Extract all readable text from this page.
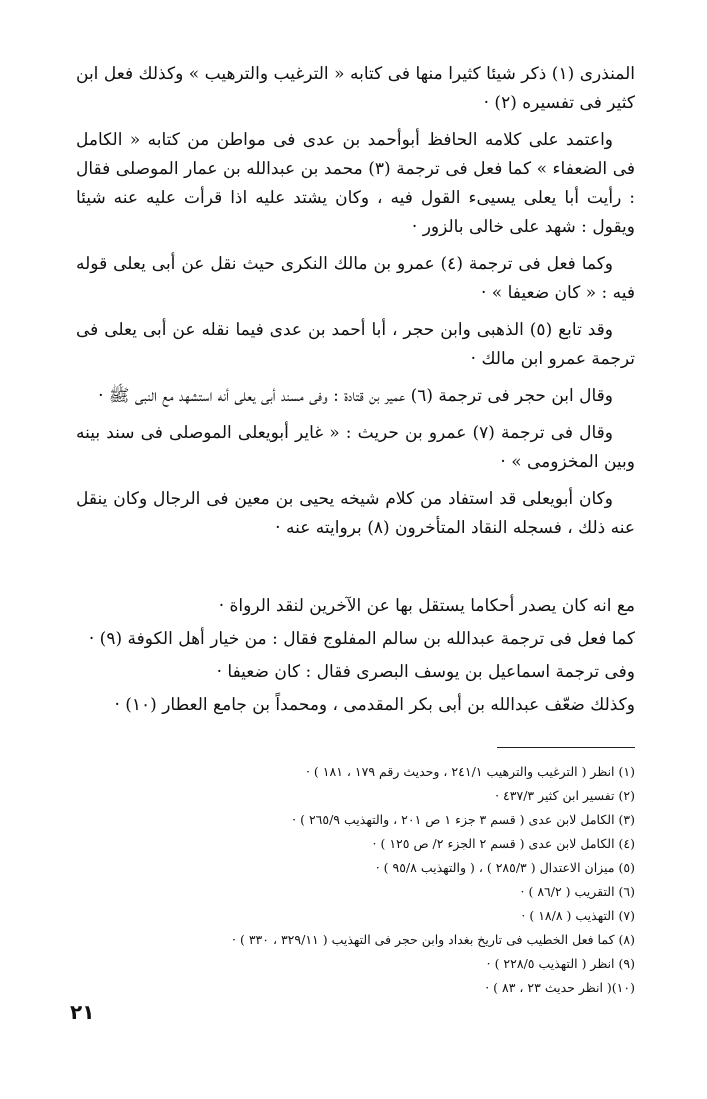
المنذرى (١) ذكر شيئا كثيرا منها فى كتابه « الترغيب والترهيب » وكذلك فعل ابن كثير فى تفسيره (٢) ·

واعتمد على كلامه الحافظ أبوأحمد بن عدى فى مواطن من كتابه « الكامل فى الضعفاء » كما فعل فى ترجمة (٣) محمد بن عبدالله بن عمار الموصلى فقال : رأيت أبا يعلى يسيىء القول فيه ، وكان يشتد عليه اذا قرأت عليه عنه شيئا ويقول : شهد على خالى بالزور ·

وكما فعل فى ترجمة (٤) عمرو بن مالك النكرى حيث نقل عن أبى يعلى قوله فيه : « كان ضعيفا » ·

وقد تابع (٥) الذهبى وابن حجر ، أبا أحمد بن عدى فيما نقله عن أبى يعلى فى ترجمة عمرو ابن مالك ·

وقال ابن حجر فى ترجمة (٦) عمير بن قتادة : وفى مسند أبى يعلى أنه استشهد مع النبى ﷺ ·

وقال فى ترجمة (٧) عمرو بن حريث : « غاير أبويعلى الموصلى فى سند بينه وبين المخزومى » ·

وكان أبويعلى قد استفاد من كلام شيخه يحيى بن معين فى الرجال وكان ينقل عنه ذلك ، فسجله النقاد المتأخرون (٨) بروايته عنه ·

مع انه كان يصدر أحكاما يستقل بها عن الآخرين لنقد الرواة ·
كما فعل فى ترجمة عبدالله بن سالم المفلوج فقال : من خيار أهل الكوفة (٩) ·
وفى ترجمة اسماعيل بن يوسف البصرى فقال : كان ضعيفا ·
وكذلك ضعّف عبدالله بن أبى بكر المقدمى ، ومحمداً بن جامع العطار (١٠) ·
(١) انظر ( الترغيب والترهيب ٢٤١/١ ، وحديث رقم ١٧٩ ، ١٨١ ) ·
(٢) تفسير ابن كثير ٤٣٧/٣ ·
(٣) الكامل لابن عدى ( قسم ٣ جزء ١ ص ٢٠١ ، والتهذيب ٢٦٥/٩ ) ·
(٤) الكامل لابن عدى ( قسم ٢ الجزء ٢/ ص ١٢٥ ) ·
(٥) ميزان الاعتدال ( ٢٨٥/٣ ) ، ( والتهذيب ٩٥/٨ ) ·
(٦) التقريب ( ٨٦/٢ ) ·
(٧) التهذيب ( ١٨/٨ ) ·
(٨) كما فعل الخطيب فى تاريخ بغداد وابن حجر فى التهذيب ( ٣٢٩/١١ ، ٣٣٠ ) ·
(٩) انظر ( التهذيب ٢٢٨/٥ ) ·
(١٠)( انظر حديث ٢٣ ، ٨٣ ) ·
٢١
